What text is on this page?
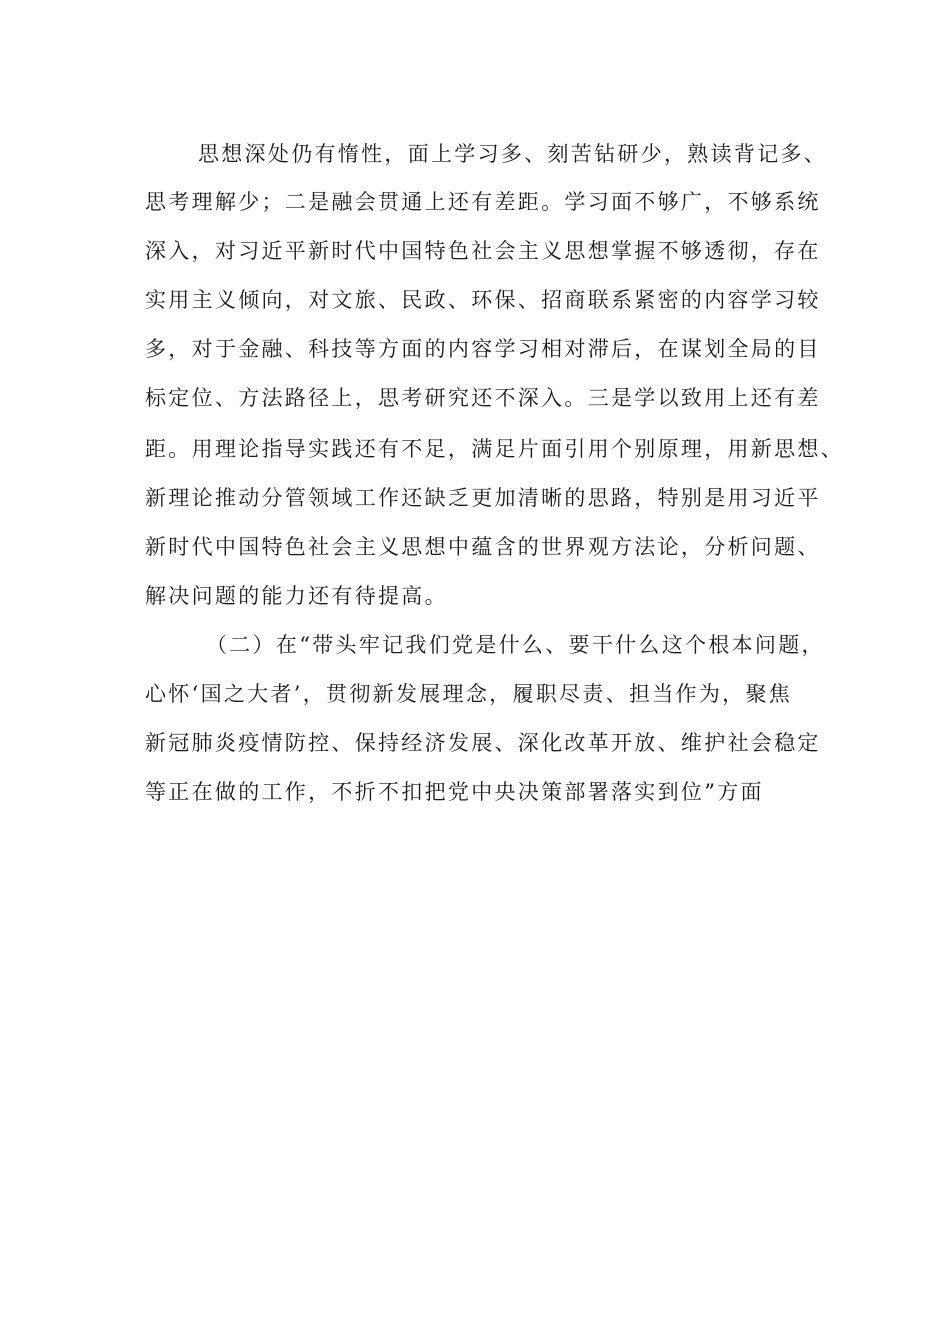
思想深处仍有惰性，面上学习多、刻苦钻研少，熟读背记多、
思考理解少；二是融会贯通上还有差距。学习面不够广，不够系统
深入，对习近平新时代中国特色社会主义思想掌握不够透彻，存在
实用主义倾向，对文旅、民政、环保、招商联系紧密的内容学习较
多，对于金融、科技等方面的内容学习相对滞后，在谋划全局的目
标定位、方法路径上，思考研究还不深入。三是学以致用上还有差
距。用理论指导实践还有不足，满足片面引用个别原理，用新思想、
新理论推动分管领域工作还缺乏更加清晰的思路，特别是用习近平
新时代中国特色社会主义思想中蕴含的世界观方法论，分析问题、
解决问题的能力还有待提高。
（二）在“带头牢记我们党是什么、要干什么这个根本问题，
心怀‘国之大者’，贯彻新发展理念，履职尽责、担当作为，聚焦
新冠肺炎疫情防控、保持经济发展、深化改革开放、维护社会稳定
等正在做的工作，不折不扣把党中央决策部署落实到位”方面
